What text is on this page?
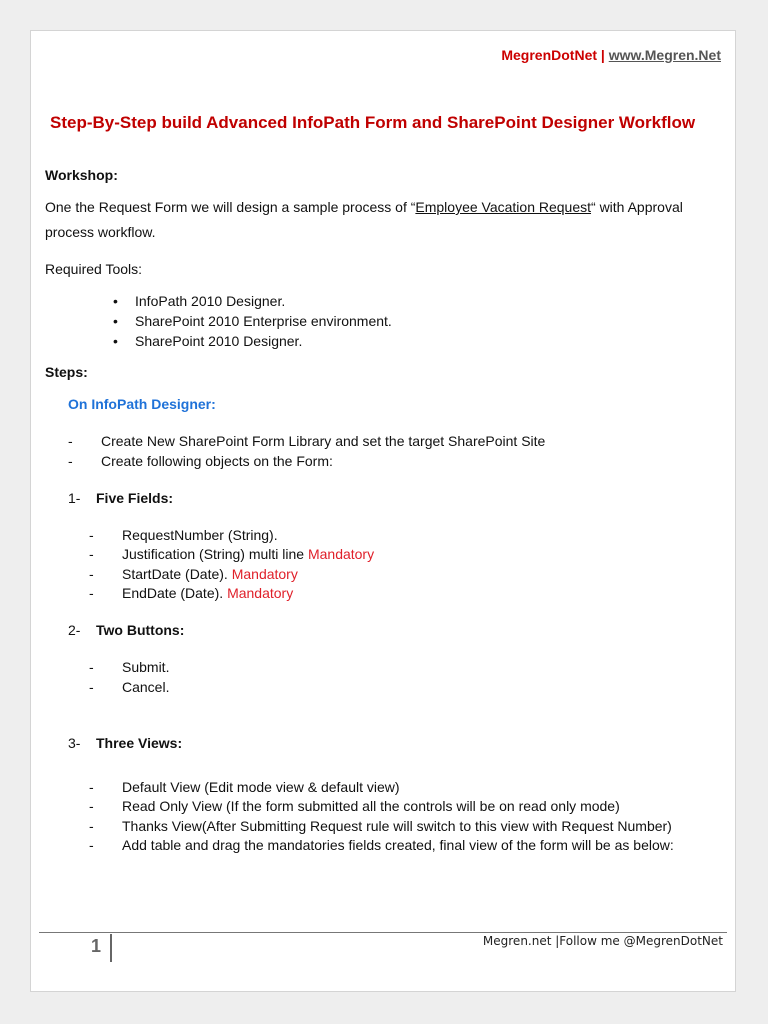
MegrenDotNet | www.Megren.Net
Step-By-Step build Advanced InfoPath Form and SharePoint Designer Workflow
Workshop:
One the Request Form we will design a sample process of “Employee Vacation Request“ with Approval
process workflow.
Required Tools:
• InfoPath 2010 Designer.
• SharePoint 2010 Enterprise environment.
• SharePoint 2010 Designer.
Steps:
On InfoPath Designer:
- Create New SharePoint Form Library and set the target SharePoint Site
- Create following objects on the Form:
1- Five Fields:
- RequestNumber (String).
- Justification (String) multi line Mandatory
- StartDate (Date). Mandatory
- EndDate (Date). Mandatory
2- Two Buttons:
- Submit.
- Cancel.
3- Three Views:
- Default View (Edit mode view & default view)
- Read Only View (If the form submitted all the controls will be on read only mode)
- Thanks View(After Submitting Request rule will switch to this view with Request Number)
- Add table and drag the mandatories fields created, final view of the form will be as below:
1	Megren.net |Follow me @MegrenDotNet
